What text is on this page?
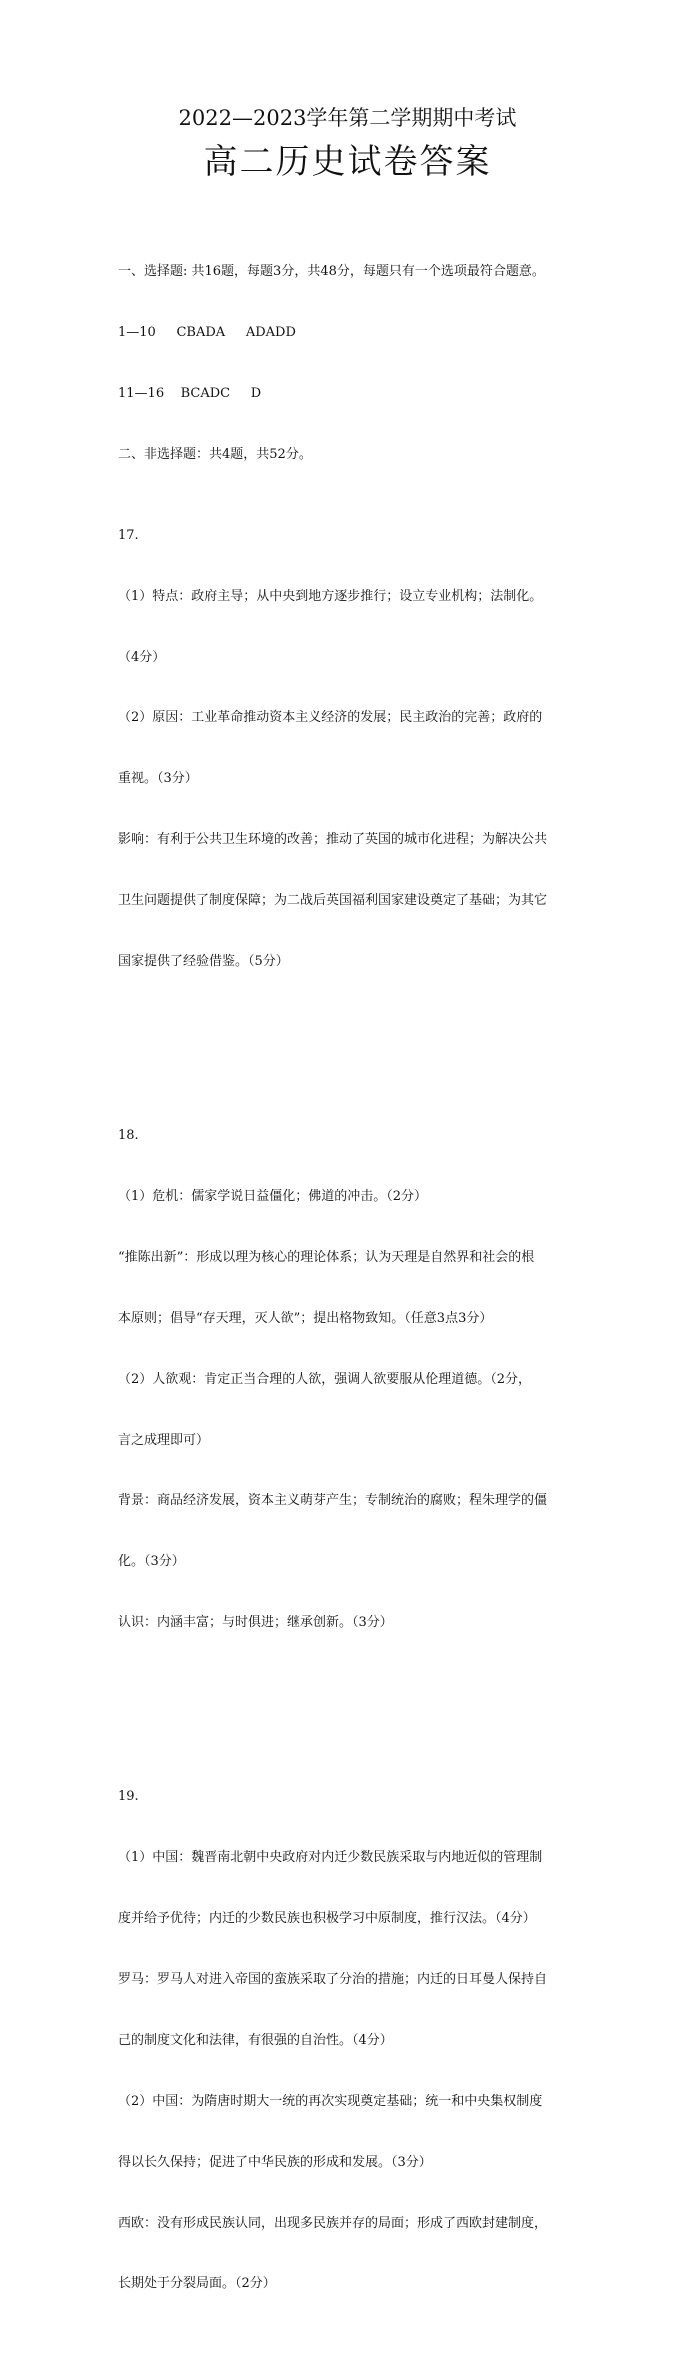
2022—2023学年第二学期期中考试
高二历史试卷答案

一、选择题: 共16题，每题3分，共48分，每题只有一个选项最符合题意。

1—10     CBADA     ADADD

11—16    BCADC     D

二、非选择题：共4题，共52分。

17.

（1）特点：政府主导；从中央到地方逐步推行；设立专业机构；法制化。

（4分）

（2）原因：工业革命推动资本主义经济的发展；民主政治的完善；政府的

重视。（3分）

影响：有利于公共卫生环境的改善；推动了英国的城市化进程；为解决公共

卫生问题提供了制度保障；为二战后英国福利国家建设奠定了基础；为其它

国家提供了经验借鉴。（5分）

18.

（1）危机：儒家学说日益僵化；佛道的冲击。（2分）

“推陈出新”：形成以理为核心的理论体系；认为天理是自然界和社会的根

本原则；倡导“存天理，灭人欲”；提出格物致知。（任意3点3分）

（2）人欲观：肯定正当合理的人欲，强调人欲要服从伦理道德。（2分，

言之成理即可）

背景：商品经济发展，资本主义萌芽产生；专制统治的腐败；程朱理学的僵

化。（3分）

认识：内涵丰富；与时俱进；继承创新。（3分）

19.

（1）中国：魏晋南北朝中央政府对内迁少数民族采取与内地近似的管理制

度并给予优待；内迁的少数民族也积极学习中原制度，推行汉法。（4分）

罗马：罗马人对进入帝国的蛮族采取了分治的措施；内迁的日耳曼人保持自

己的制度文化和法律，有很强的自治性。（4分）

（2）中国：为隋唐时期大一统的再次实现奠定基础；统一和中央集权制度

得以长久保持；促进了中华民族的形成和发展。（3分）

西欧：没有形成民族认同，出现多民族并存的局面；形成了西欧封建制度，

长期处于分裂局面。（2分）
